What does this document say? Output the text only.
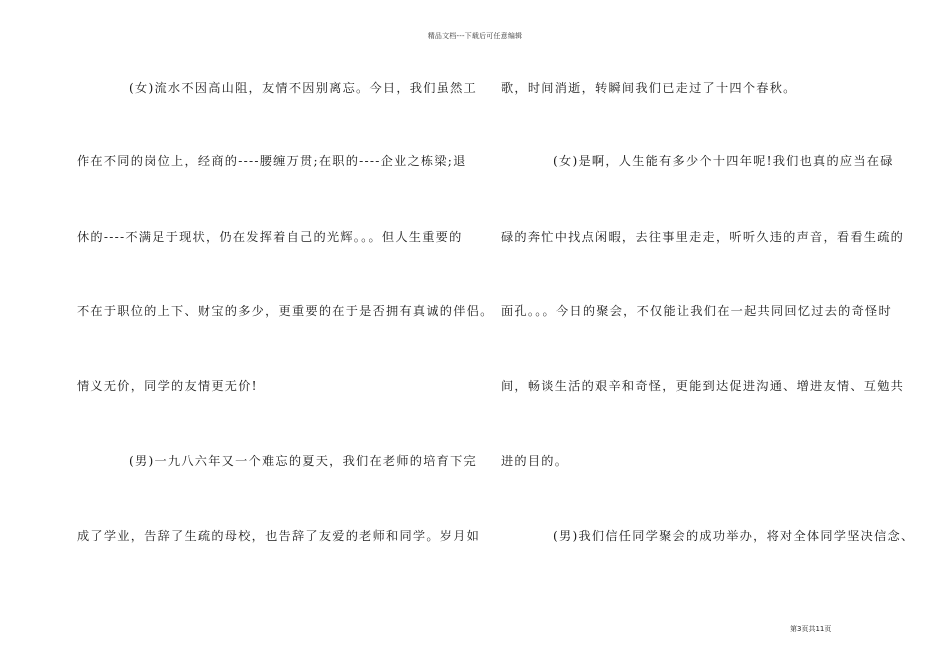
精品文档---下载后可任意编辑
(女)流水不因高山阻，友情不因别离忘。今日，我们虽然工
作在不同的岗位上，经商的----腰缠万贯;在职的----企业之栋梁;退
休的----不满足于现状，仍在发挥着自己的光辉。。。但人生重要的
不在于职位的上下、财宝的多少，更重要的在于是否拥有真诚的伴侣。
情义无价，同学的友情更无价!
(男)一九八六年又一个难忘的夏天，我们在老师的培育下完
成了学业，告辞了生疏的母校，也告辞了友爱的老师和同学。岁月如
歌，时间消逝，转瞬间我们已走过了十四个春秋。
(女)是啊，人生能有多少个十四年呢!我们也真的应当在碌
碌的奔忙中找点闲暇，去往事里走走，听听久违的声音，看看生疏的
面孔。。。今日的聚会，不仅能让我们在一起共同回忆过去的奇怪时
间，畅谈生活的艰辛和奇怪，更能到达促进沟通、增进友情、互勉共
进的目的。
(男)我们信任同学聚会的成功举办，将对全体同学坚决信念、
第3页共11页
